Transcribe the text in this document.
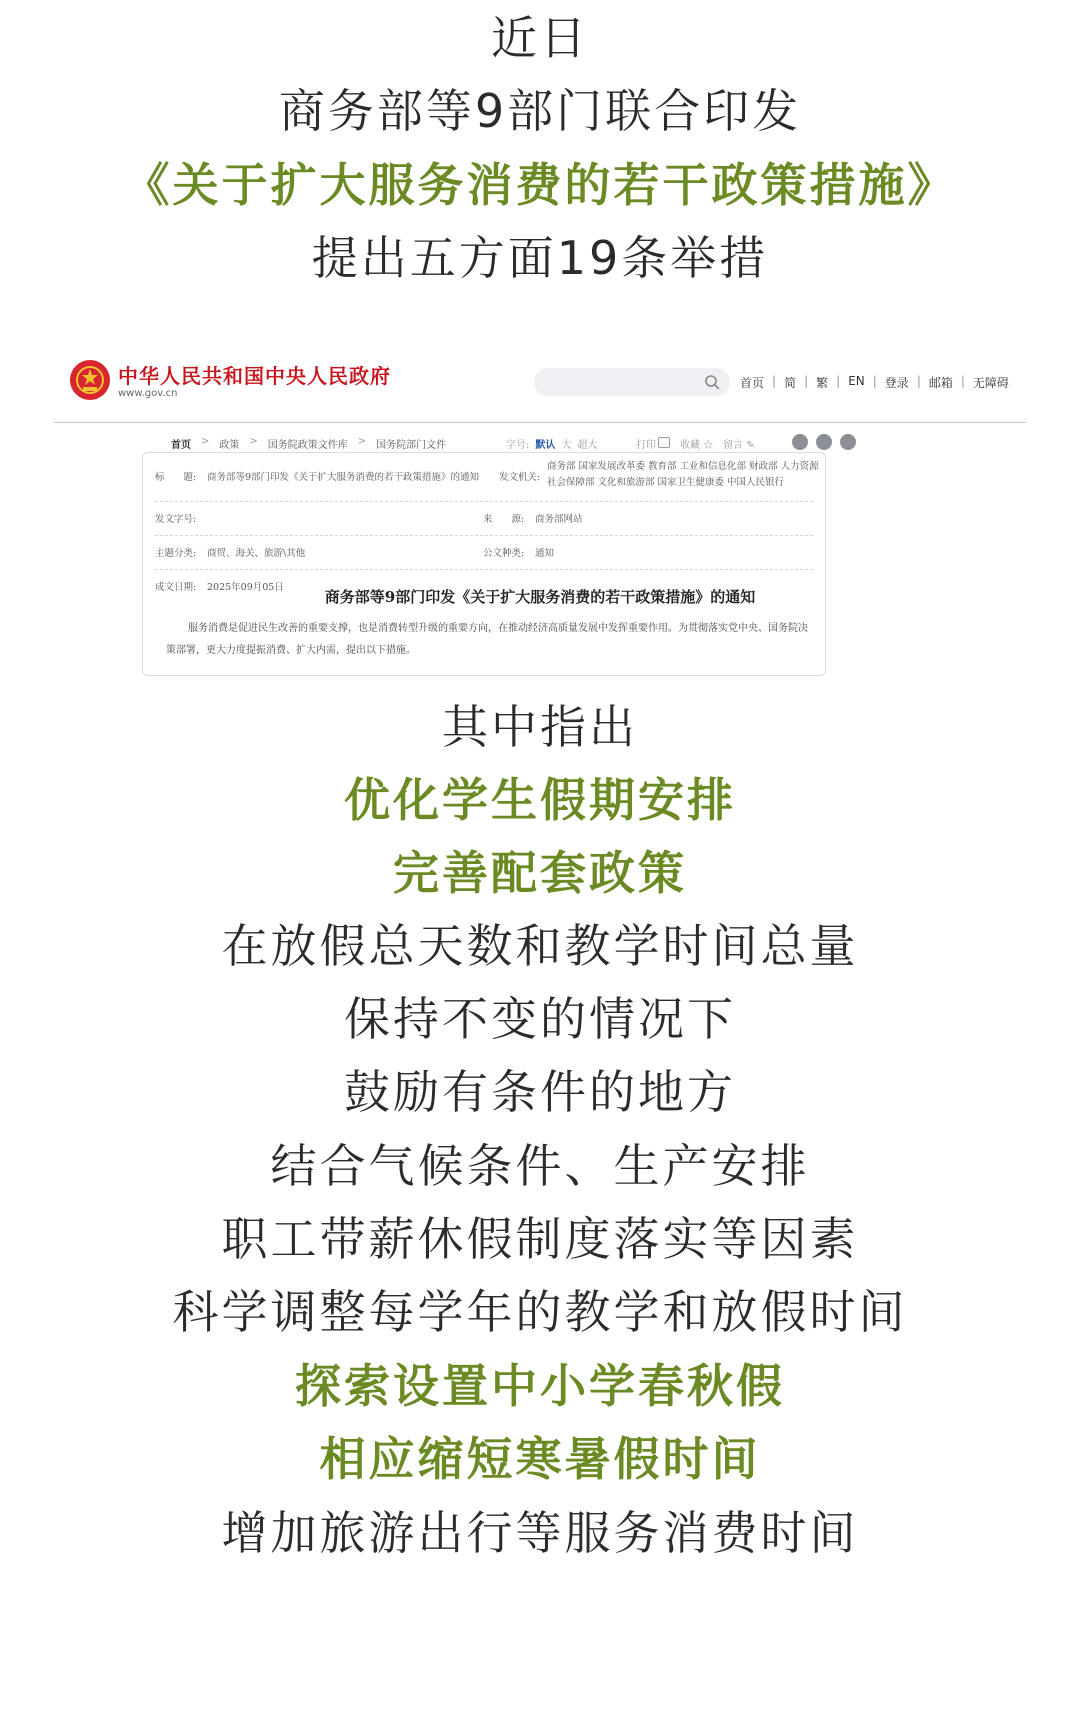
近日
商务部等9部门联合印发
《关于扩大服务消费的若干政策措施》
提出五方面19条举措
中华人民共和国中央人民政府
www.gov.cn
首页 | 简 | 繁 | EN | 登录 | 邮箱 | 无障碍
首页 > 政策 > 国务院政策文件库 > 国务院部门文件	字号: 默认 大 超大	打印	收藏 ☆ 留言 ✎
标　　题: 商务部等9部门印发《关于扩大服务消费的若干政策措施》的通知 发文机关:
商务部 国家发展改革委 教育部 工业和信息化部 财政部 人力资源社会保障部 文化和旅游部 国家卫生健康委 中国人民银行
发文字号:	来　　源: 商务部网站
主题分类: 商贸、海关、旅游\其他	公文种类: 通知
成文日期: 2025年09月05日
商务部等9部门印发《关于扩大服务消费的若干政策措施》的通知
服务消费是促进民生改善的重要支撑，也是消费转型升级的重要方向，在推动经济高质量发展中发挥重要作用。为贯彻落实党中央、国务院决策部署，更大力度提振消费、扩大内需，提出以下措施。
其中指出
优化学生假期安排
完善配套政策
在放假总天数和教学时间总量
保持不变的情况下
鼓励有条件的地方
结合气候条件、生产安排
职工带薪休假制度落实等因素
科学调整每学年的教学和放假时间
探索设置中小学春秋假
相应缩短寒暑假时间
增加旅游出行等服务消费时间
